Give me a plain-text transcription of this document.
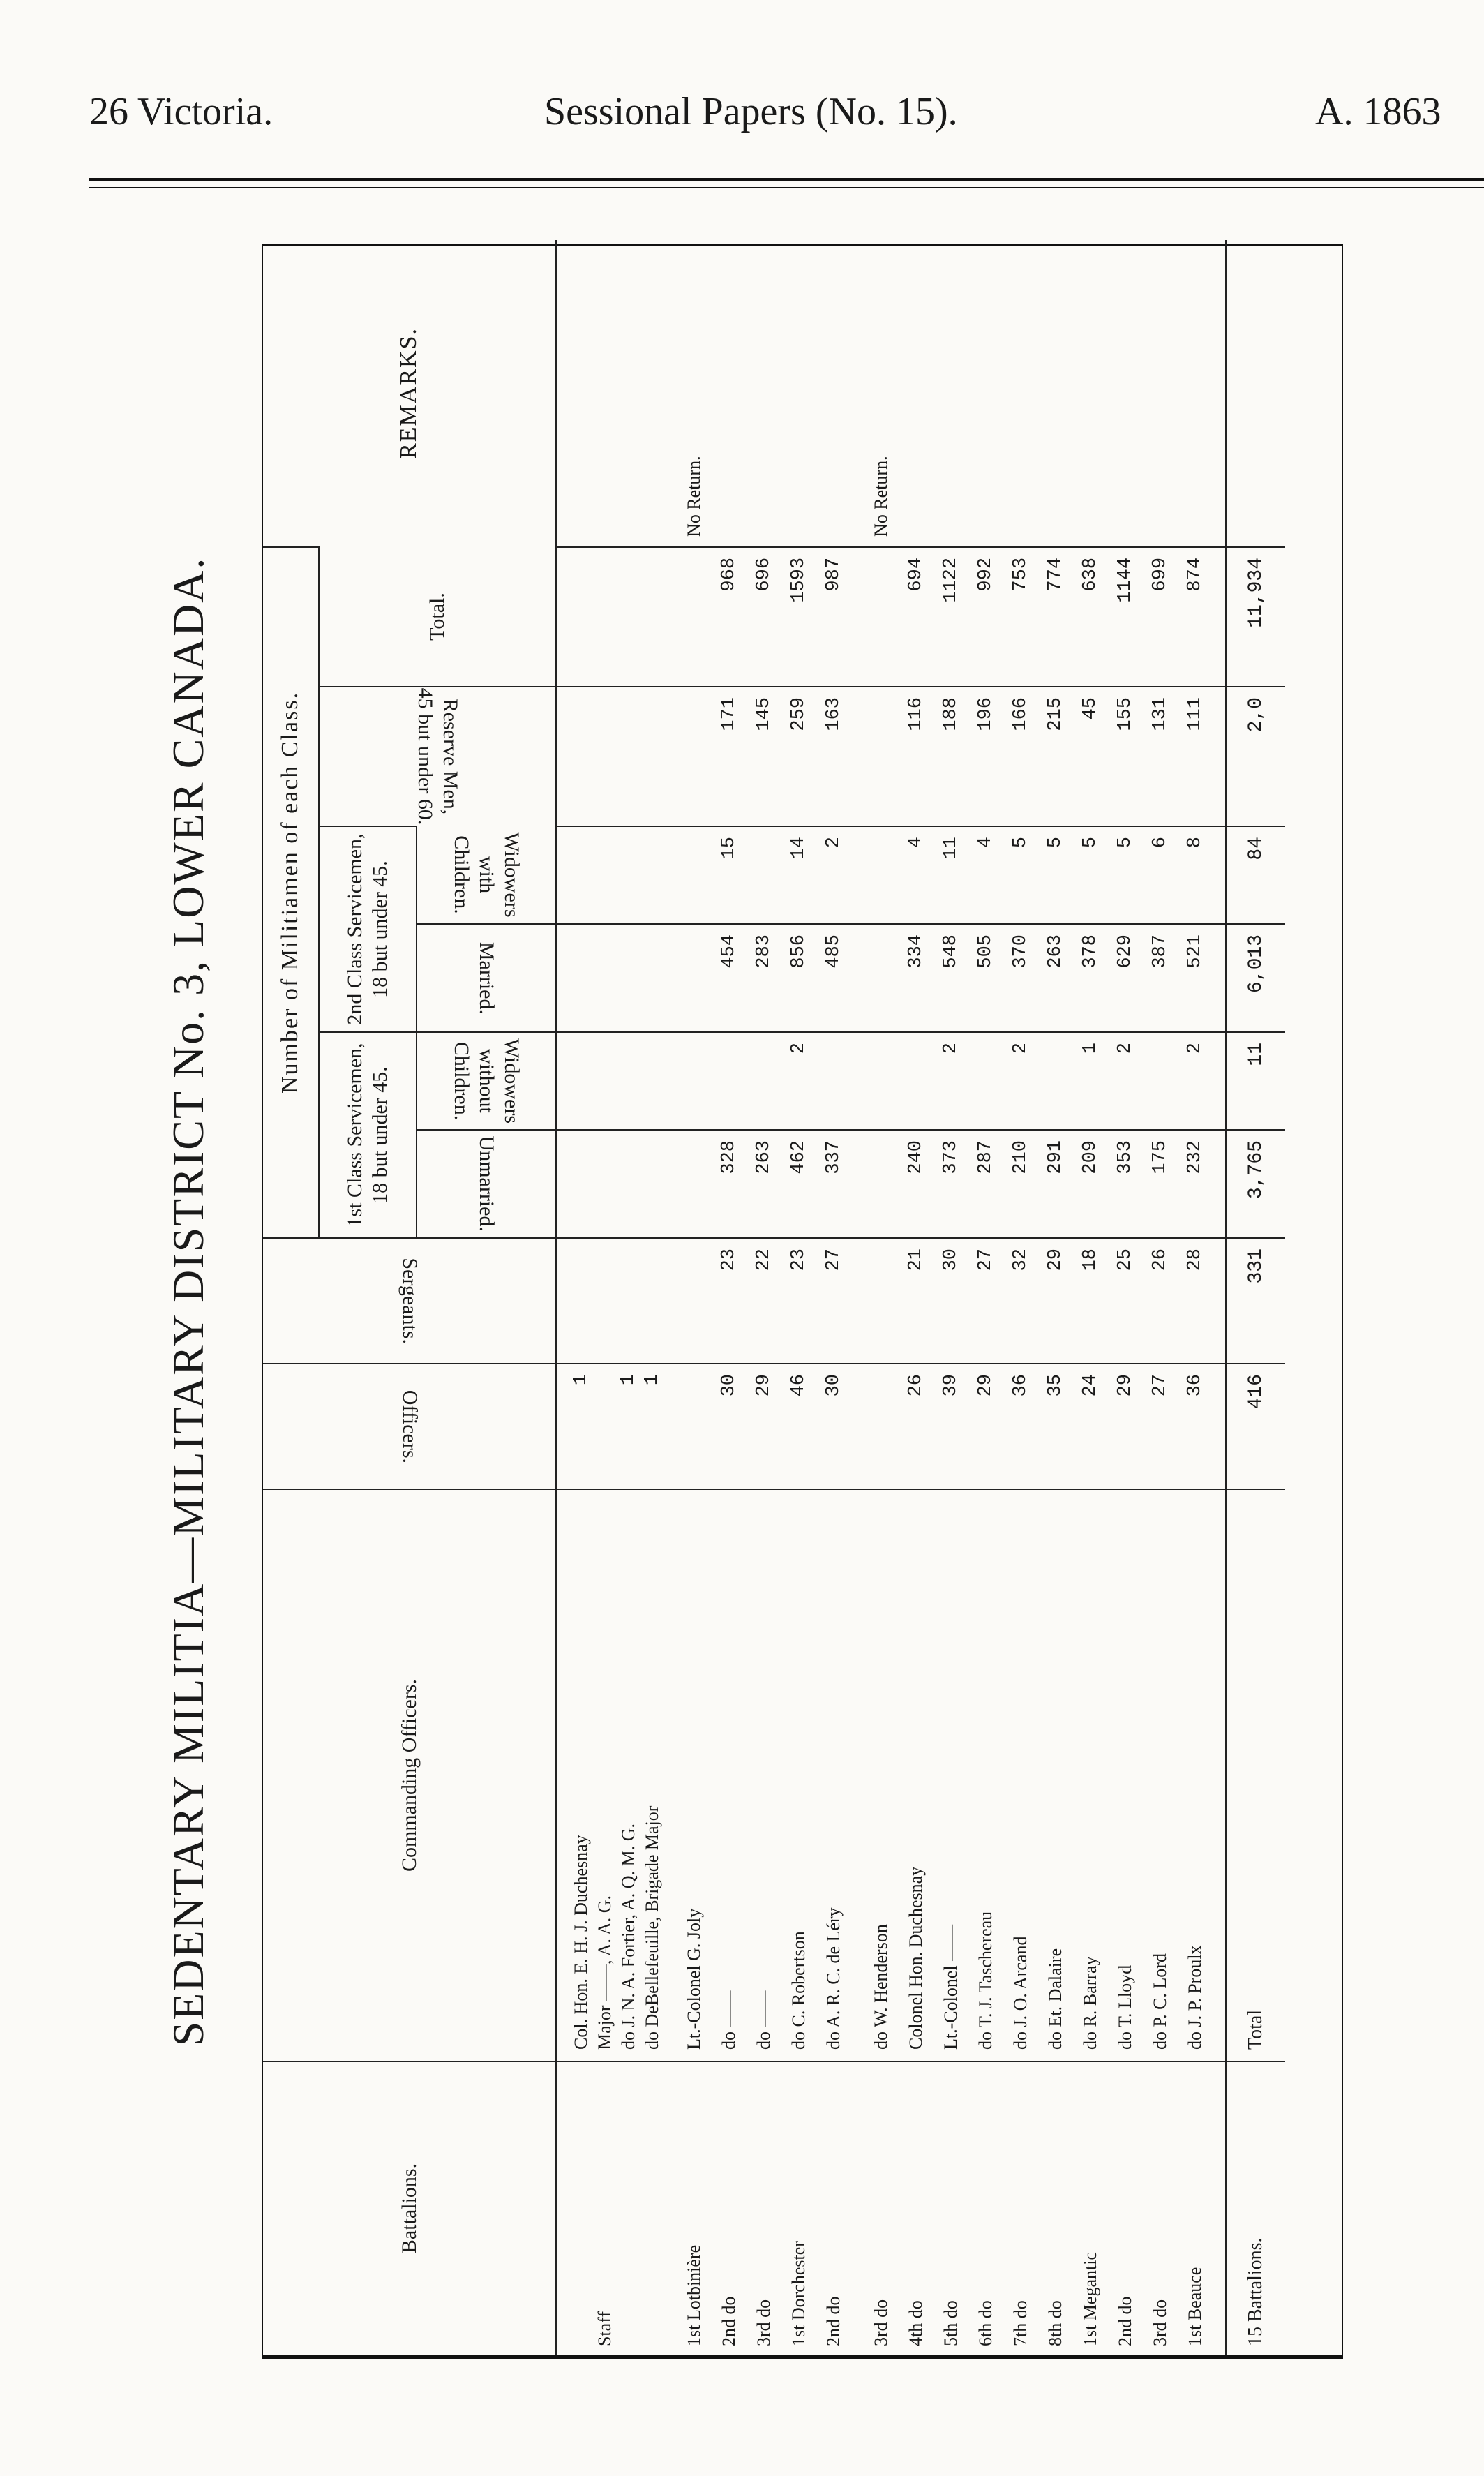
26 Victoria.	Sessional Papers (No. 15).	A. 1863
SEDENTARY MILITIA—MILITARY DISTRICT No. 3, LOWER CANADA.
Battalions.	Commanding Officers.	Officers.	Sergeants.	Number of Militiamen of each Class.						REMARKS.
				1st Class Servicemen, 18 but under 45.		2nd Class Servicemen, 18 but under 45.		Reserve Men, 45 but under 60.	Total.	
				Unmarried.	Widowers without Children.	Married.	Widowers with Children.			

	Col. Hon. E. H. J. Duchesnay	1								
Staff	Major ——, A. A. G.									
	do J. N. A. Fortier, A. Q. M. G.	1								
	do DeBellefeuille, Brigade Major	1								

1st Lotbinière	Lt.-Colonel G. Joly									No Return.
2nd do	do ——	30	23	328		454	15	171	968	
3rd do	do ——	29	22	263		283		145	696	
1st Dorchester	do C. Robertson	46	23	462	2	856	14	259	1593	
2nd do	do A. R. C. de Léry	30	27	337		485	2	163	987	

3rd do	do W. Henderson									No Return.
4th do	Colonel Hon. Duchesnay	26	21	240		334	4	116	694	
5th do	Lt.-Colonel ——	39	30	373	2	548	11	188	1122	
6th do	do T. J. Taschereau	29	27	287		505	4	196	992	
7th do	do J. O. Arcand	36	32	210	2	370	5	166	753	
8th do	do Et. Dalaire	35	29	291		263	5	215	774	
1st Megantic	do R. Barray	24	18	209	1	378	5	45	638	
2nd do	do T. Lloyd	29	25	353	2	629	5	155	1144	
3rd do	do P. C. Lord	27	26	175		387	6	131	699	
1st Beauce	do J. P. Proulx	36	28	232	2	521	8	111	874	

15 Battalions.	Total	416	331	3,765	11	6,013	84	2,0	11,934	
